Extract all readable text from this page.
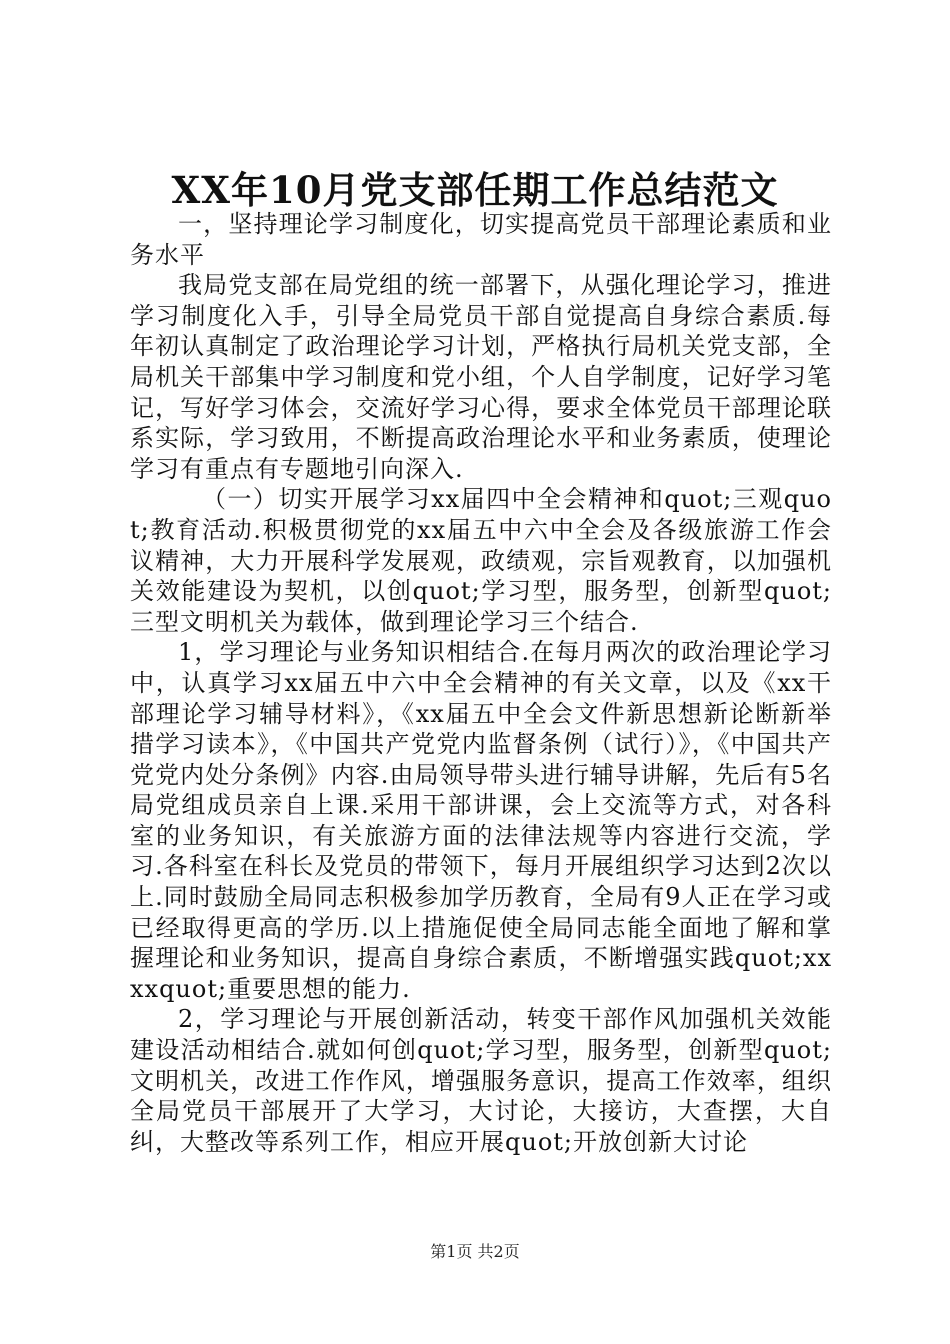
XX年10月党支部任期工作总结范文

一，坚持理论学习制度化，切实提高党员干部理论素质和业务水平

我局党支部在局党组的统一部署下，从强化理论学习，推进学习制度化入手，引导全局党员干部自觉提高自身综合素质.每年初认真制定了政治理论学习计划，严格执行局机关党支部，全局机关干部集中学习制度和党小组，个人自学制度，记好学习笔记，写好学习体会，交流好学习心得，要求全体党员干部理论联系实际，学习致用，不断提高政治理论水平和业务素质，使理论学习有重点有专题地引向深入.

（一）切实开展学习xx届四中全会精神和quot;三观quot;教育活动.积极贯彻党的xx届五中六中全会及各级旅游工作会议精神，大力开展科学发展观，政绩观，宗旨观教育，以加强机关效能建设为契机，以创quot;学习型，服务型，创新型quot;三型文明机关为载体，做到理论学习三个结合.

1，学习理论与业务知识相结合.在每月两次的政治理论学习中，认真学习xx届五中六中全会精神的有关文章，以及《xx干部理论学习辅导材料》，《xx届五中全会文件新思想新论断新举措学习读本》，《中国共产党党内监督条例（试行）》，《中国共产党党内处分条例》内容.由局领导带头进行辅导讲解，先后有5名局党组成员亲自上课.采用干部讲课，会上交流等方式，对各科室的业务知识，有关旅游方面的法律法规等内容进行交流，学习.各科室在科长及党员的带领下，每月开展组织学习达到2次以上.同时鼓励全局同志积极参加学历教育，全局有9人正在学习或已经取得更高的学历.以上措施促使全局同志能全面地了解和掌握理论和业务知识，提高自身综合素质，不断增强实践quot;xxxxquot;重要思想的能力.

2，学习理论与开展创新活动，转变干部作风加强机关效能建设活动相结合.就如何创quot;学习型，服务型，创新型quot;文明机关，改进工作作风，增强服务意识，提高工作效率，组织全局党员干部展开了大学习，大讨论，大接访，大查摆，大自纠，大整改等系列工作，相应开展quot;开放创新大讨论

第1页 共2页
